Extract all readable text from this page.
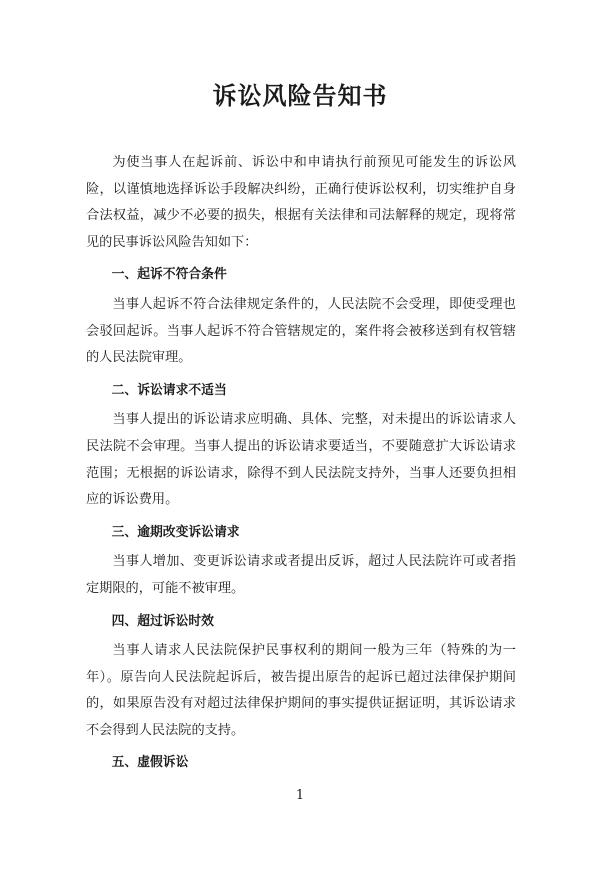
诉讼风险告知书

为使当事人在起诉前、诉讼中和申请执行前预见可能发生的诉讼风险，以谨慎地选择诉讼手段解决纠纷，正确行使诉讼权利，切实维护自身合法权益，减少不必要的损失，根据有关法律和司法解释的规定，现将常见的民事诉讼风险告知如下：

一、起诉不符合条件

当事人起诉不符合法律规定条件的，人民法院不会受理，即使受理也会驳回起诉。当事人起诉不符合管辖规定的，案件将会被移送到有权管辖的人民法院审理。

二、诉讼请求不适当

当事人提出的诉讼请求应明确、具体、完整，对未提出的诉讼请求人民法院不会审理。当事人提出的诉讼请求要适当，不要随意扩大诉讼请求范围；无根据的诉讼请求，除得不到人民法院支持外，当事人还要负担相应的诉讼费用。

三、逾期改变诉讼请求

当事人增加、变更诉讼请求或者提出反诉，超过人民法院许可或者指定期限的，可能不被审理。

四、超过诉讼时效

当事人请求人民法院保护民事权利的期间一般为三年（特殊的为一年）。原告向人民法院起诉后，被告提出原告的起诉已超过法律保护期间的，如果原告没有对超过法律保护期间的事实提供证据证明，其诉讼请求不会得到人民法院的支持。

五、虚假诉讼

1
